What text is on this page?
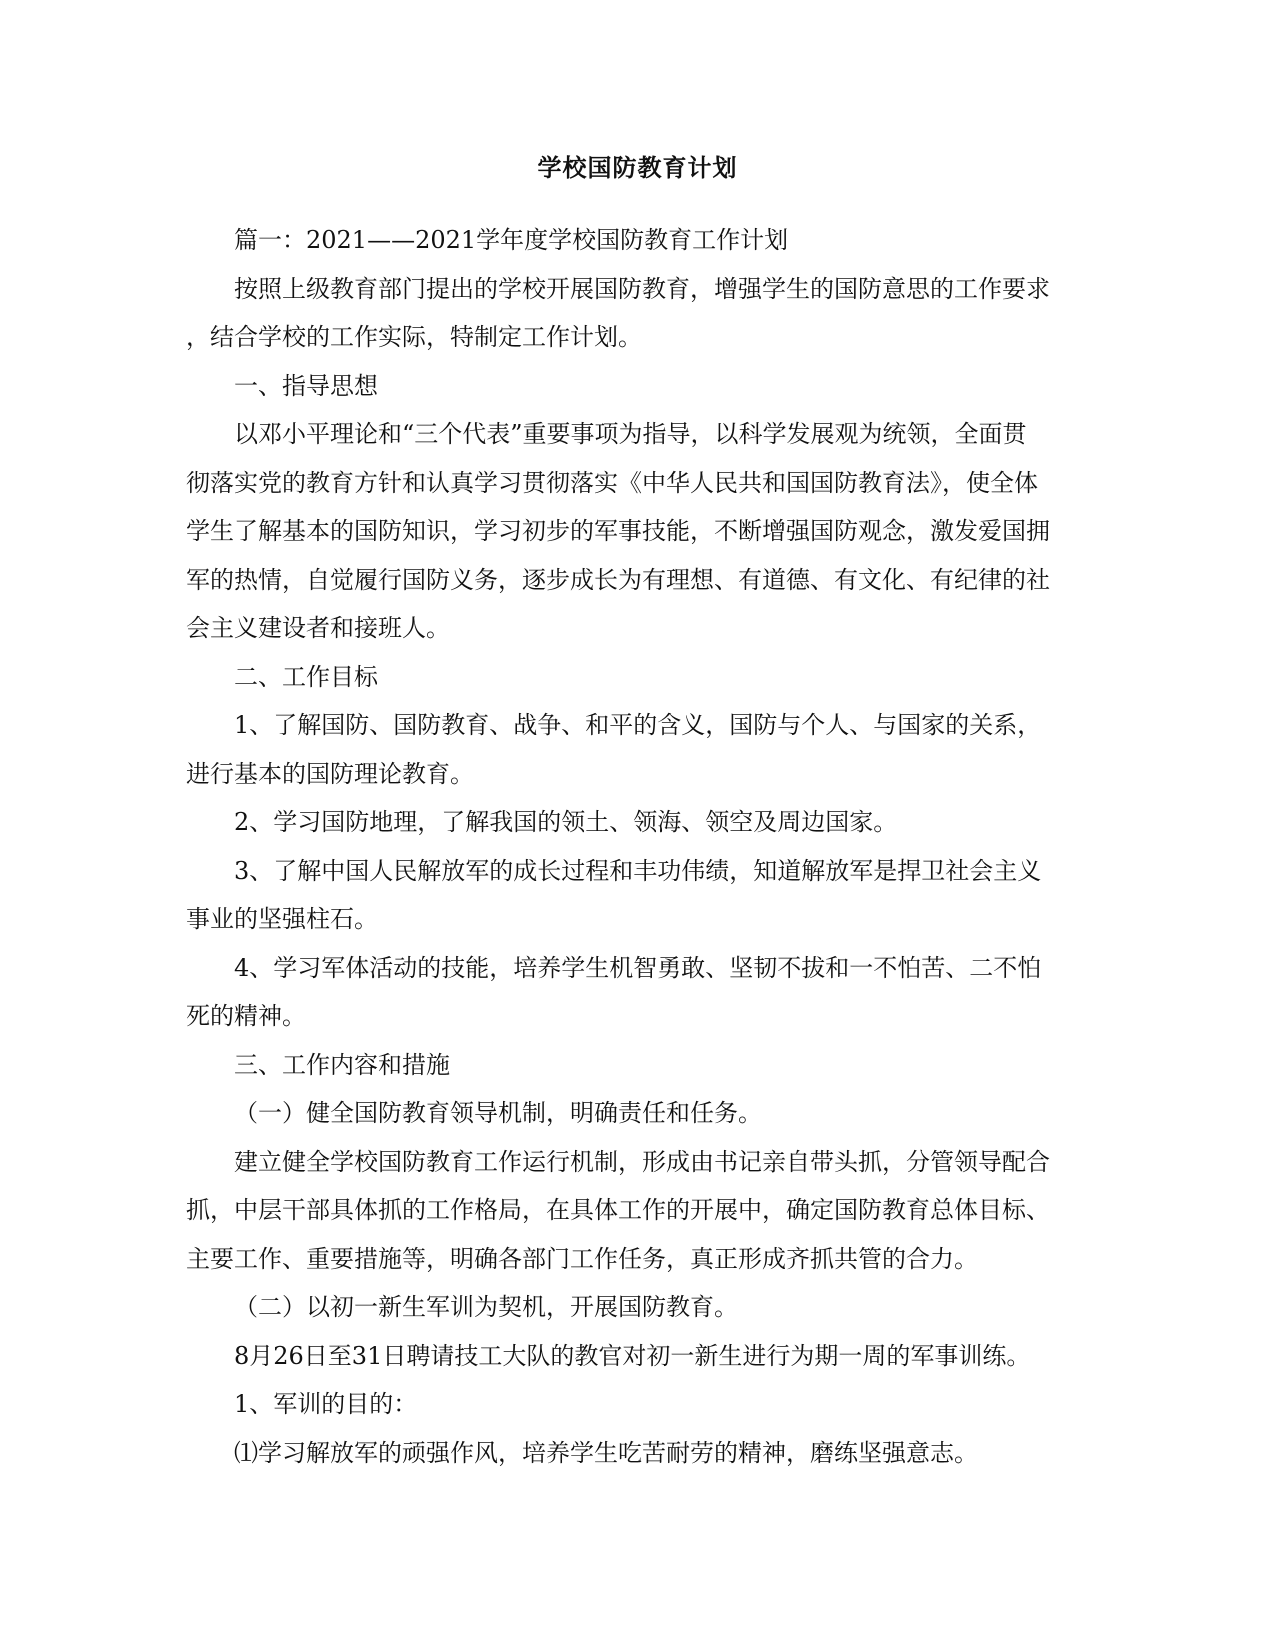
学校国防教育计划

篇一：2021——2021学年度学校国防教育工作计划

按照上级教育部门提出的学校开展国防教育，增强学生的国防意思的工作要求
，结合学校的工作实际，特制定工作计划。

一、指导思想

以邓小平理论和“三个代表”重要事项为指导，以科学发展观为统领，全面贯
彻落实党的教育方针和认真学习贯彻落实《中华人民共和国国防教育法》，使全体
学生了解基本的国防知识，学习初步的军事技能，不断增强国防观念，激发爱国拥
军的热情，自觉履行国防义务，逐步成长为有理想、有道德、有文化、有纪律的社
会主义建设者和接班人。

二、工作目标

1、了解国防、国防教育、战争、和平的含义，国防与个人、与国家的关系，
进行基本的国防理论教育。

2、学习国防地理，了解我国的领土、领海、领空及周边国家。

3、了解中国人民解放军的成长过程和丰功伟绩，知道解放军是捍卫社会主义
事业的坚强柱石。

4、学习军体活动的技能，培养学生机智勇敢、坚韧不拔和一不怕苦、二不怕
死的精神。

三、工作内容和措施

（一）健全国防教育领导机制，明确责任和任务。

建立健全学校国防教育工作运行机制，形成由书记亲自带头抓，分管领导配合
抓，中层干部具体抓的工作格局，在具体工作的开展中，确定国防教育总体目标、
主要工作、重要措施等，明确各部门工作任务，真正形成齐抓共管的合力。

（二）以初一新生军训为契机，开展国防教育。

8月26日至31日聘请技工大队的教官对初一新生进行为期一周的军事训练。

1、军训的目的：

⑴学习解放军的顽强作风，培养学生吃苦耐劳的精神，磨练坚强意志。
